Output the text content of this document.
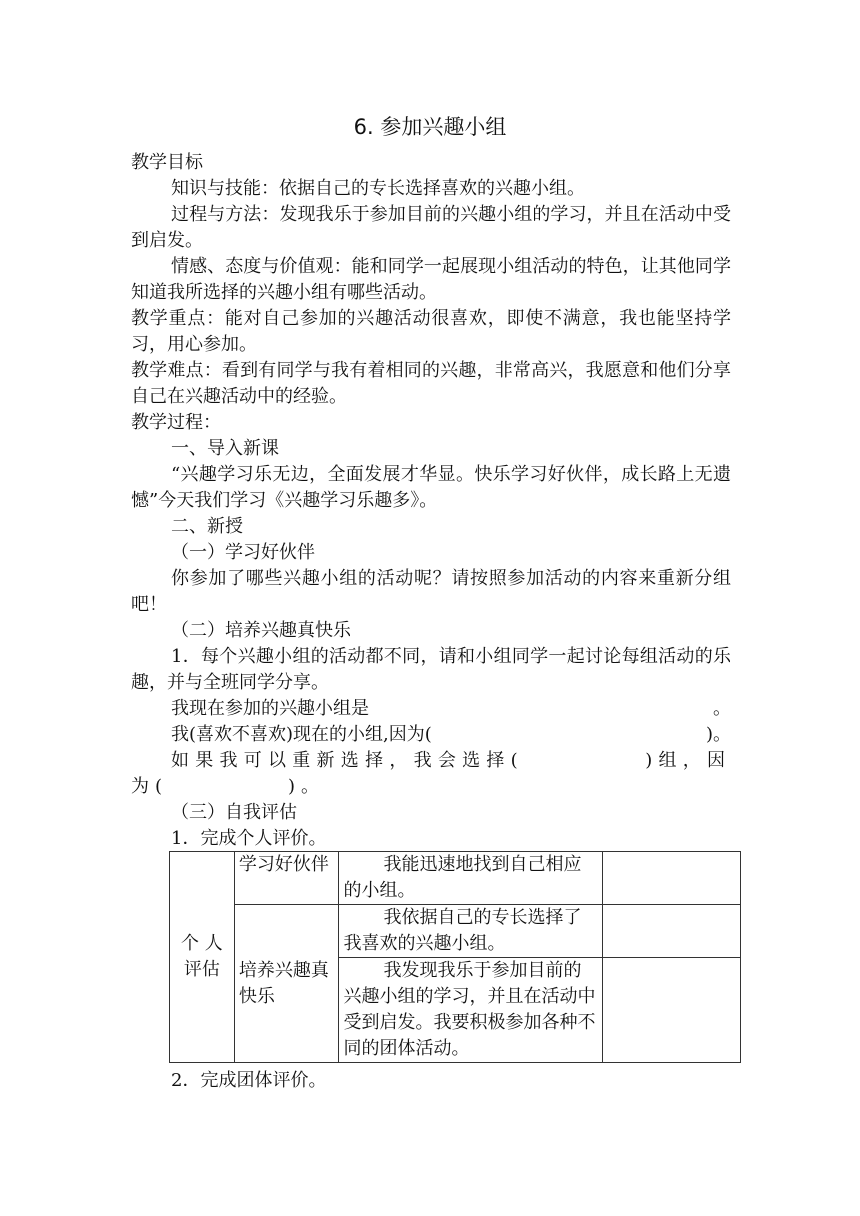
6. 参加兴趣小组

教学目标

知识与技能：依据自己的专长选择喜欢的兴趣小组。

过程与方法：发现我乐于参加目前的兴趣小组的学习，并且在活动中受到启发。

情感、态度与价值观：能和同学一起展现小组活动的特色，让其他同学知道我所选择的兴趣小组有哪些活动。

教学重点：能对自己参加的兴趣活动很喜欢，即使不满意，我也能坚持学习，用心参加。

教学难点：看到有同学与我有着相同的兴趣，非常高兴，我愿意和他们分享自己在兴趣活动中的经验。

教学过程：

一、导入新课

“兴趣学习乐无边，全面发展才华显。快乐学习好伙伴，成长路上无遗憾”今天我们学习《兴趣学习乐趣多》。

二、新授

（一）学习好伙伴

你参加了哪些兴趣小组的活动呢？请按照参加活动的内容来重新分组吧！

（二）培养兴趣真快乐

1．每个兴趣小组的活动都不同，请和小组同学一起讨论每组活动的乐趣，并与全班同学分享。

我现在参加的兴趣小组是	。
我(喜欢不喜欢)现在的小组,因为(	)。

如果我可以重新选择，我会选择(　　　　　)组，因为(　　　　　)。

（三）自我评估

1．完成个人评价。

个 人评估	学习好伙伴	我能迅速地找到自己相应的小组。	

	培养兴趣真快乐	我依据自己的专长选择了我喜欢的兴趣小组。	

		我发现我乐于参加目前的兴趣小组的学习，并且在活动中受到启发。我要积极参加各种不同的团体活动。	

2．完成团体评价。
